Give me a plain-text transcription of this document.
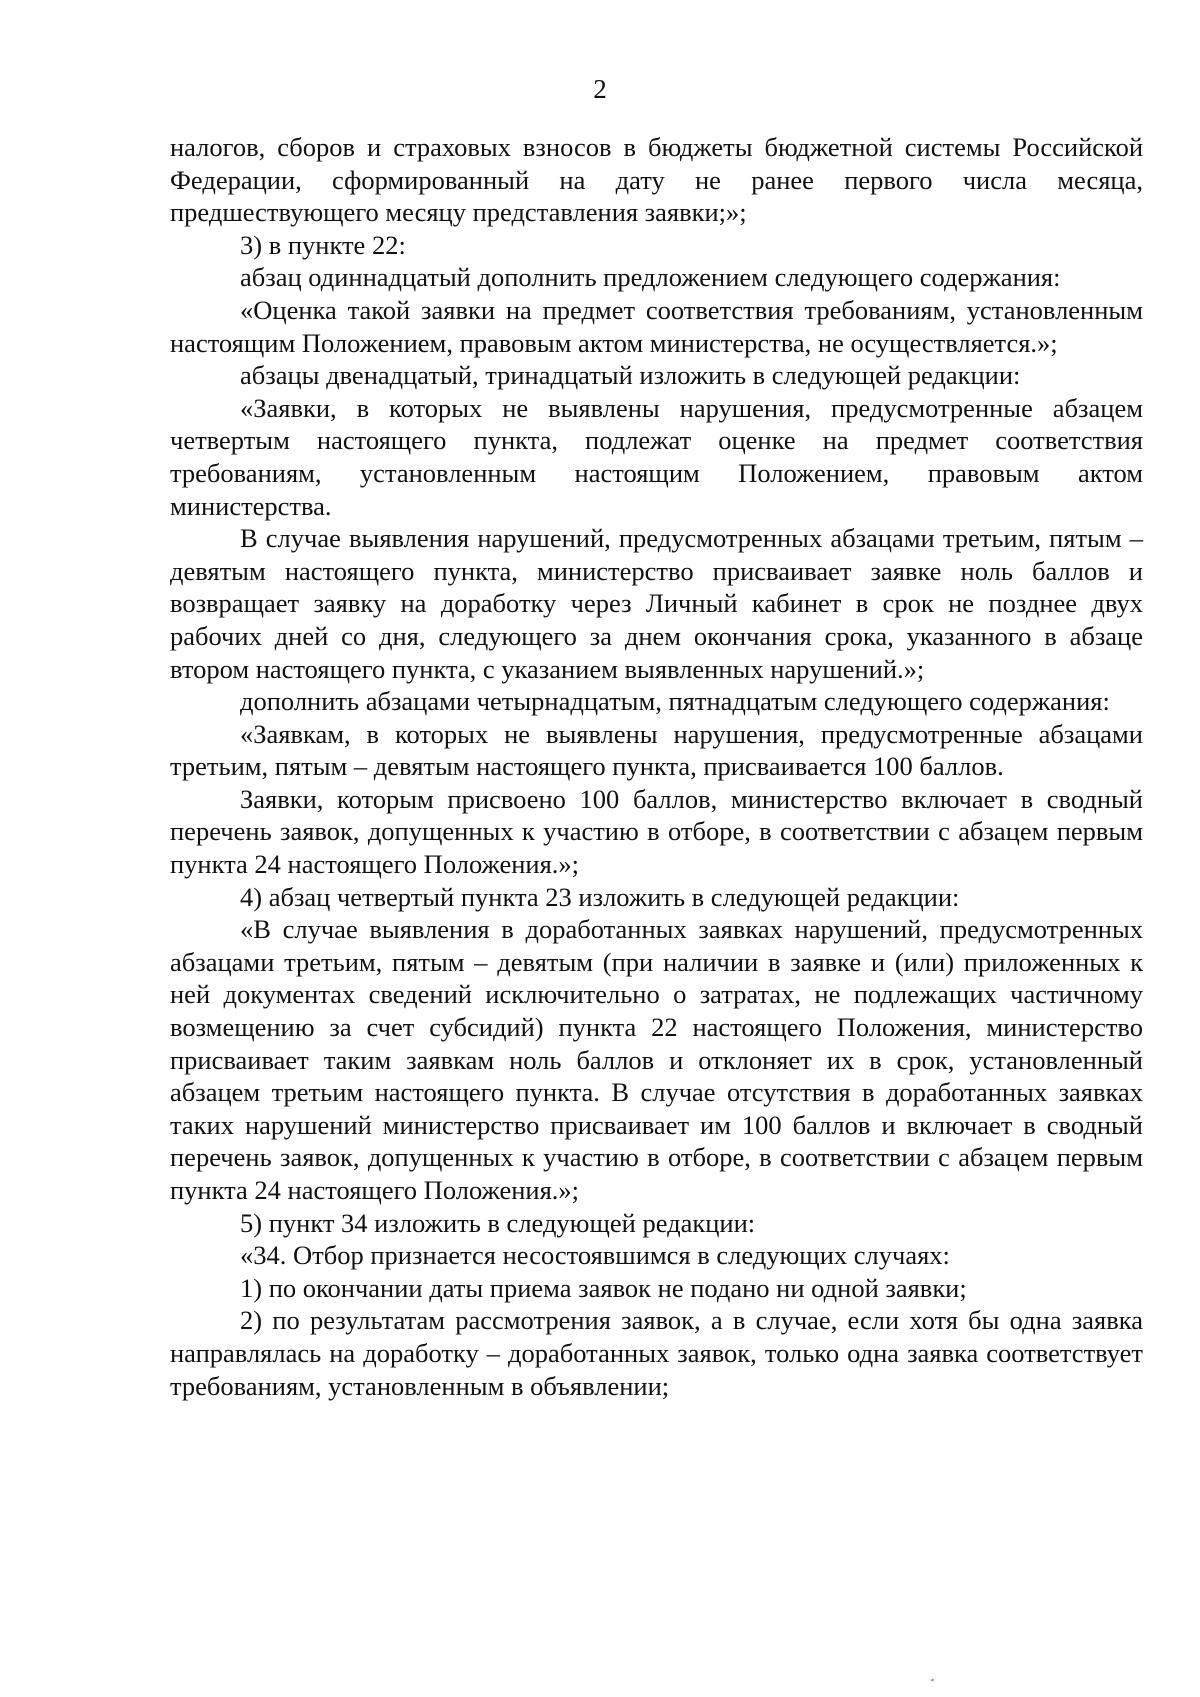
2

налогов, сборов и страховых взносов в бюджеты бюджетной системы Российской Федерации, сформированный на дату не ранее первого числа месяца, предшествующего месяцу представления заявки;»;

3) в пункте 22:

абзац одиннадцатый дополнить предложением следующего содержания:

«Оценка такой заявки на предмет соответствия требованиям, установленным настоящим Положением, правовым актом министерства, не осуществляется.»;

абзацы двенадцатый, тринадцатый изложить в следующей редакции:

«Заявки, в которых не выявлены нарушения, предусмотренные абзацем четвертым настоящего пункта, подлежат оценке на предмет соответствия требованиям, установленным настоящим Положением, правовым актом министерства.

В случае выявления нарушений, предусмотренных абзацами третьим, пятым – девятым настоящего пункта, министерство присваивает заявке ноль баллов и возвращает заявку на доработку через Личный кабинет в срок не позднее двух рабочих дней со дня, следующего за днем окончания срока, указанного в абзаце втором настоящего пункта, с указанием выявленных нарушений.»;

дополнить абзацами четырнадцатым, пятнадцатым следующего содержания:

«Заявкам, в которых не выявлены нарушения, предусмотренные абзацами третьим, пятым – девятым настоящего пункта, присваивается 100 баллов.

Заявки, которым присвоено 100 баллов, министерство включает в сводный перечень заявок, допущенных к участию в отборе, в соответствии с абзацем первым пункта 24 настоящего Положения.»;

4) абзац четвертый пункта 23 изложить в следующей редакции:

«В случае выявления в доработанных заявках нарушений, предусмотренных абзацами третьим, пятым – девятым (при наличии в заявке и (или) приложенных к ней документах сведений исключительно о затратах, не подлежащих частичному возмещению за счет субсидий) пункта 22 настоящего Положения, министерство присваивает таким заявкам ноль баллов и отклоняет их в срок, установленный абзацем третьим настоящего пункта. В случае отсутствия в доработанных заявках таких нарушений министерство присваивает им 100 баллов и включает в сводный перечень заявок, допущенных к участию в отборе, в соответствии с абзацем первым пункта 24 настоящего Положения.»;

5) пункт 34 изложить в следующей редакции:

«34. Отбор признается несостоявшимся в следующих случаях:

1) по окончании даты приема заявок не подано ни одной заявки;

2) по результатам рассмотрения заявок, а в случае, если хотя бы одна заявка направлялась на доработку – доработанных заявок, только одна заявка соответствует требованиям, установленным в объявлении;
